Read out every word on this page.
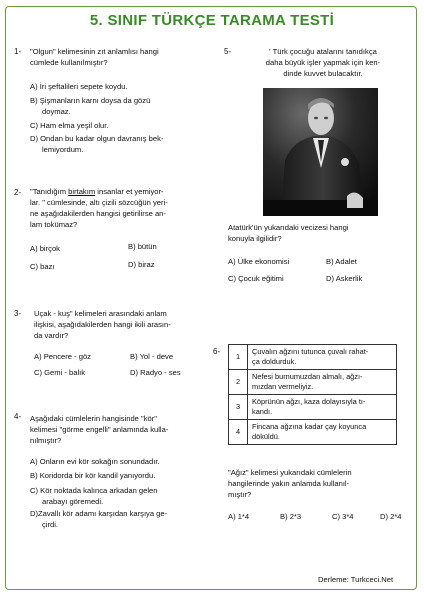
5. SINIF TÜRKÇE TARAMA TESTİ
1- "Olgun" kelimesinin zıt anlamlısı hangi
cümlede kullanılmıştır?
A) İri şeftalileri sepete koydu.
B) Şişmanların karnı doysa da gözü
doymaz.
C) Ham elma yeşil olur.
D) Ondan bu kadar olgun davranış bek-
lemiyordum.
2- "Tanıdığım birtakım insanlar et yemiyor-
lar. " cümlesinde, altı çizili sözcüğün yeri-
ne aşağıdakilerden hangisi getirilirse an-
lam tokümaz?
A) birçok	B) bütün
C) bazı	D) biraz
3- Uçak - kuş" kelimeleri arasındaki anlam
ilişkisi, aşağıdakilerden hangi ikili arasın-
da vardır?
A) Pencere - göz	B) Yol - deve
C) Gemi - balık	D) Radyo - ses
4- Aşağıdaki cümlelerin hangisinde "kör"
kelimesi "görme engelli" anlamında kulla-
nılmıştır?
A) Onların evi kör sokağın sonundadır.
B) Koridorda bir kör kandil yanıyordu.
C) Kör noktada kalınca arkadan gelen
arabayı göremedi.
D)Zavallı kör adamı karşıdan karşıya ge-
çirdi.
5-	' Türk çocuğu atalarını tanıdıkça
daha büyük işler yapmak için ken-
dinde kuvvet bulacaktır.
Atatürk'ün yukarıdaki vecizesi hangi
konuyla ilgilidir?
A) Ülke ekonomisi	B) Adalet
C) Çocuk eğitimi	D) Askerlik
6-
1	Çuvalın ağzını tutunca çuvalı rahat-
ça doldurduk.

2	Nefesi burnumuzdan almalı, ağzı-
mızdan vermeliyiz.

3	Köprünün ağzı, kaza dolayısıyla tı-
kandı.

4	Fincana ağzına kadar çay koyunca
döküldü.
"Ağız" kelimesi yukarıdaki cümlelerin
hangilerinde yakın anlamda kullanıl-
mıştır?
A) 1*4	B) 2*3	C) 3*4	D) 2*4
Derleme: Turkceci.Net
